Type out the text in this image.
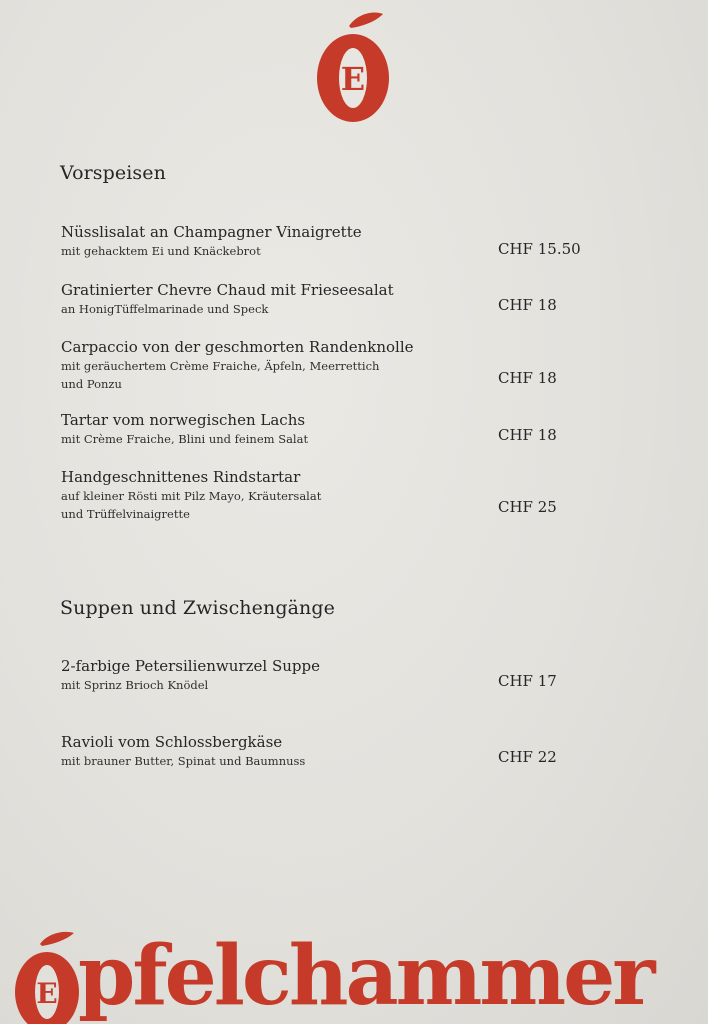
E
Vorspeisen
Nüsslisalat an Champagner Vinaigrette
mit gehacktem Ei und Knäckebrot	CHF 15.50
Gratinierter Chevre Chaud mit Frieseesalat
an HonigTüffelmarinade und Speck	CHF 18
Carpaccio von der geschmorten Randenknolle
mit geräuchertem Crème Fraiche, Äpfeln, Meerrettich
und Ponzu	CHF 18
Tartar vom norwegischen Lachs
mit Crème Fraiche, Blini und feinem Salat	CHF 18
Handgeschnittenes Rindstartar
auf kleiner Rösti mit Pilz Mayo, Kräutersalat
und Trüffelvinaigrette	CHF 25
Suppen und Zwischengänge
2-farbige Petersilienwurzel Suppe
mit Sprinz Brioch Knödel	CHF 17
Ravioli vom Schlossbergkäse
mit brauner Butter, Spinat und Baumnuss	CHF 22
E pfelchammer
